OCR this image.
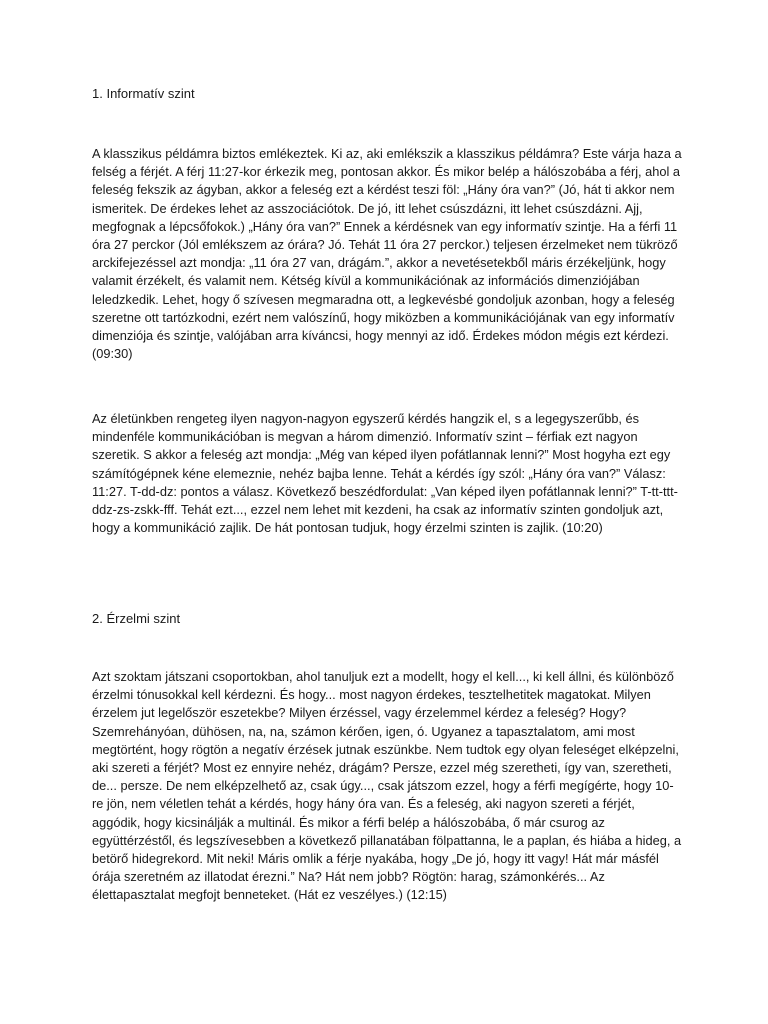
1. Informatív szint

A klasszikus példámra biztos emlékeztek. Ki az, aki emlékszik a klasszikus példámra? Este várja haza a felség a férjét. A férj 11:27-kor érkezik meg, pontosan akkor. És mikor belép a hálószobába a férj, ahol a feleség fekszik az ágyban, akkor a feleség ezt a kérdést teszi föl: „Hány óra van?” (Jó, hát ti akkor nem ismeritek. De érdekes lehet az asszociációtok. De jó, itt lehet csúszdázni, itt lehet csúszdázni. Ajj, megfognak a lépcsőfokok.) „Hány óra van?” Ennek a kérdésnek van egy informatív szintje. Ha a férfi 11 óra 27 perckor (Jól emlékszem az órára? Jó. Tehát 11 óra 27 perckor.) teljesen érzelmeket nem tükröző arckifejezéssel azt mondja: „11 óra 27 van, drágám.”, akkor a nevetésetekből máris érzékeljünk, hogy valamit érzékelt, és valamit nem. Kétség kívül a kommunikációnak az információs dimenziójában leledzkedik. Lehet, hogy ő szívesen megmaradna ott, a legkevésbé gondoljuk azonban, hogy a feleség szeretne ott tartózkodni, ezért nem valószínű, hogy miközben a kommunikációjának van egy informatív dimenziója és szintje, valójában arra kíváncsi, hogy mennyi az idő. Érdekes módon mégis ezt kérdezi. (09:30)

Az életünkben rengeteg ilyen nagyon-nagyon egyszerű kérdés hangzik el, s a legegyszerűbb, és mindenféle kommunikációban is megvan a három dimenzió. Informatív szint – férfiak ezt nagyon szeretik. S akkor a feleség azt mondja: „Még van képed ilyen pofátlannak lenni?” Most hogyha ezt egy számítógépnek kéne elemeznie, nehéz bajba lenne. Tehát a kérdés így szól: „Hány óra van?” Válasz: 11:27. T-dd-dz: pontos a válasz. Következő beszédfordulat: „Van képed ilyen pofátlannak lenni?” T-tt-ttt-ddz-zs-zskk-fff. Tehát ezt..., ezzel nem lehet mit kezdeni, ha csak az informatív szinten gondoljuk azt, hogy a kommunikáció zajlik. De hát pontosan tudjuk, hogy érzelmi szinten is zajlik. (10:20)

2. Érzelmi szint

Azt szoktam játszani csoportokban, ahol tanuljuk ezt a modellt, hogy el kell..., ki kell állni, és különböző érzelmi tónusokkal kell kérdezni. És hogy... most nagyon érdekes, tesztelhetitek magatokat. Milyen érzelem jut legelőször eszetekbe? Milyen érzéssel, vagy érzelemmel kérdez a feleség? Hogy? Szemrehányóan, dühösen, na, na, számon kérően, igen, ó. Ugyanez a tapasztalatom, ami most megtörtént, hogy rögtön a negatív érzések jutnak eszünkbe. Nem tudtok egy olyan feleséget elképzelni, aki szereti a férjét? Most ez ennyire nehéz, drágám? Persze, ezzel még szeretheti, így van, szeretheti, de... persze. De nem elképzelhető az, csak úgy..., csak játszom ezzel, hogy a férfi megígérte, hogy 10-re jön, nem véletlen tehát a kérdés, hogy hány óra van. És a feleség, aki nagyon szereti a férjét, aggódik, hogy kicsinálják a multinál. És mikor a férfi belép a hálószobába, ő már csurog az együttérzéstől, és legszívesebben a következő pillanatában fölpattanna, le a paplan, és hiába a hideg, a betörő hidegrekord. Mit neki! Máris omlik a férje nyakába, hogy „De jó, hogy itt vagy! Hát már másfél órája szeretném az illatodat érezni.” Na? Hát nem jobb? Rögtön: harag, számonkérés... Az élettapasztalat megfojt benneteket. (Hát ez veszélyes.) (12:15)
